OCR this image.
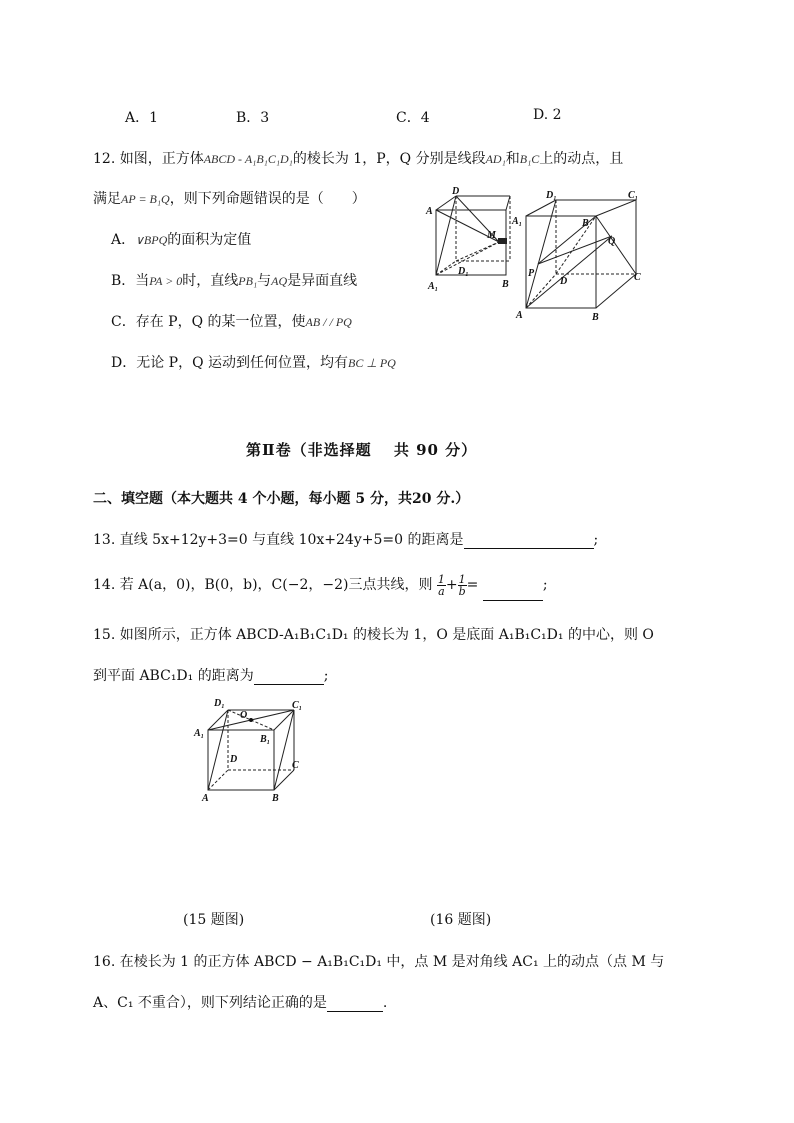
A．1	B．3	C．4	D. 2
12. 如图，正方体ABCD - A₁B₁C₁D₁的棱长为 1，P，Q 分别是线段AD₁和B₁C上的动点，且
满足AP = B₁Q，则下列命题错误的是（　　）
A．∨BPQ的面积为定值
B．当PA > 0时，直线PB₁与AQ是异面直线
C．存在 P，Q 的某一位置，使AB / / PQ
D．无论 P，Q 运动到任何位置，均有BC ⊥ PQ
D
A
M
D₁
A₁	B
D₁	C₁
A₁	B
Q
P
D	C
A	B
第Ⅱ卷（非选择题　 共 90 分）
二、填空题（本大题共 4 个小题，每小题 5 分，共20 分.）
13. 直线 5x+12y+3=0 与直线 10x+24y+5=0 的距离是	;
14. 若 A(a，0)，B(0，b)，C(−2，−2)三点共线，则 $\frac{1}{a} + \frac{1}{b}$ =	;
15. 如图所示，正方体 ABCD-A₁B₁C₁D₁ 的棱长为 1，O 是底面 A₁B₁C₁D₁ 的中心，则 O
到平面 ABC₁D₁ 的距离为	;
D₁	C₁
A₁
O
B₁
D
C
A	B
(15 题图)	(16 题图)
16. 在棱长为 1 的正方体 ABCD − A₁B₁C₁D₁ 中，点 M 是对角线 AC₁ 上的动点（点 M 与
A、C₁ 不重合），则下列结论正确的是	.
